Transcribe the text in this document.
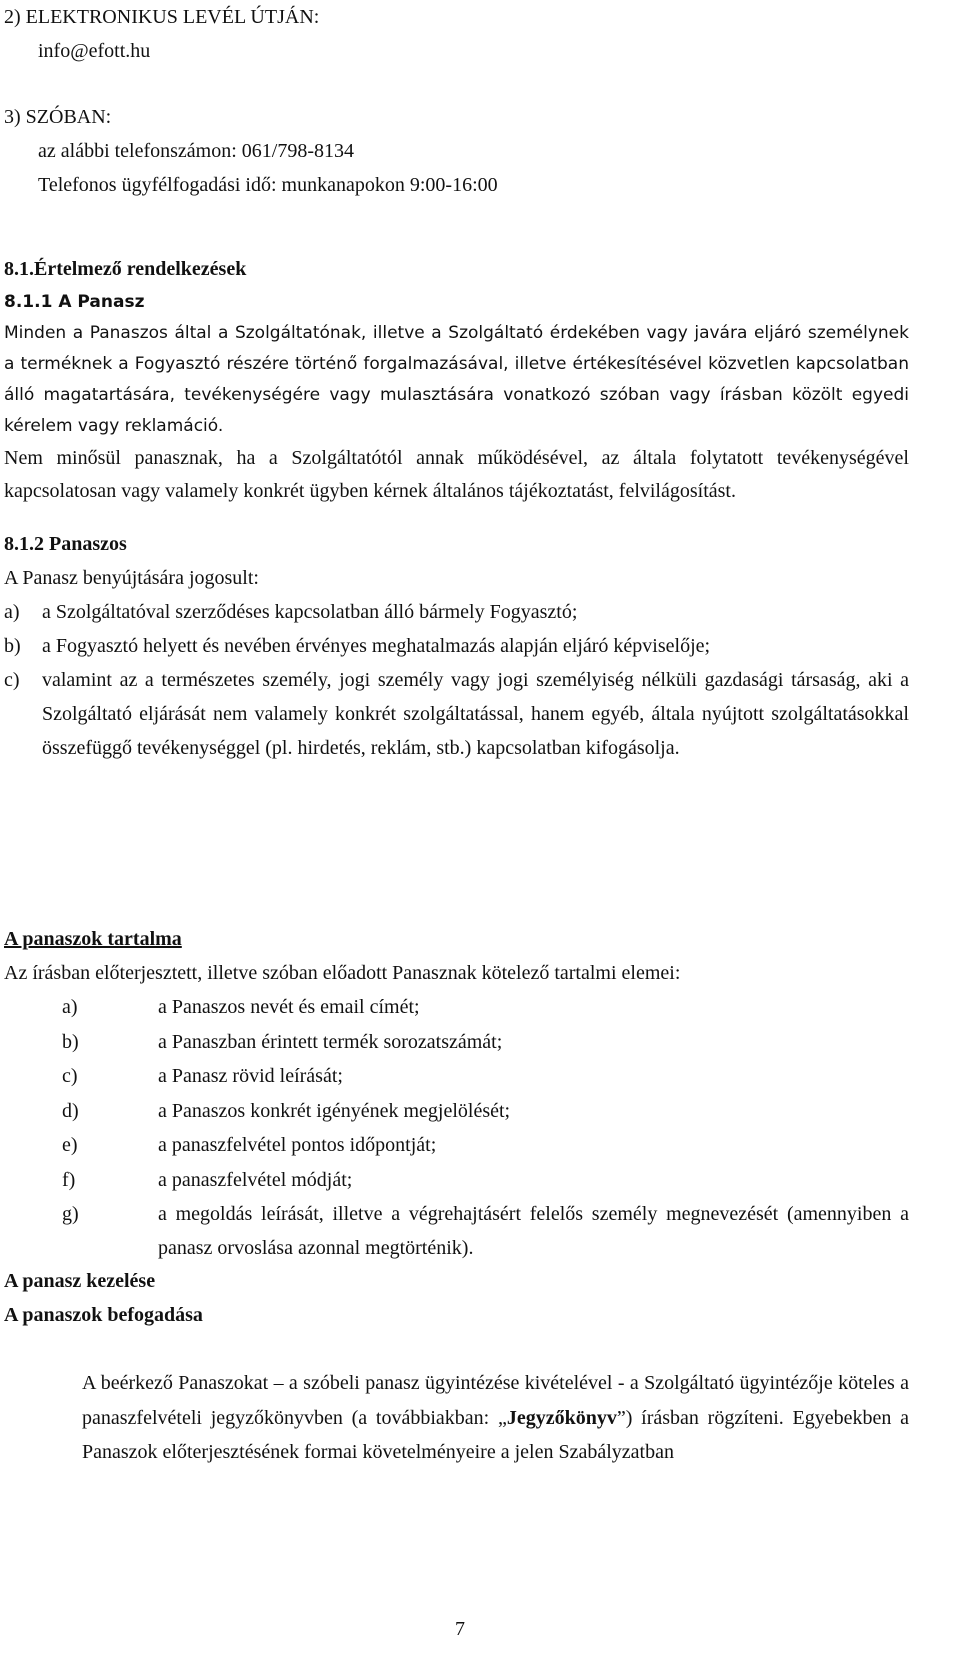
2) ELEKTRONIKUS LEVÉL ÚTJÁN:

info@efott.hu

3) SZÓBAN:

az alábbi telefonszámon: 061/798-8134

Telefonos ügyfélfogadási idő: munkanapokon 9:00-16:00

8.1.Értelmező rendelkezések

8.1.1 A Panasz

Minden a Panaszos által a Szolgáltatónak, illetve a Szolgáltató érdekében vagy javára eljáró személynek a terméknek a Fogyasztó részére történő forgalmazásával, illetve értékesítésével közvetlen kapcsolatban álló magatartására, tevékenységére vagy mulasztására vonatkozó szóban vagy írásban közölt egyedi kérelem vagy reklamáció.

Nem minősül panasznak, ha a Szolgáltatótól annak működésével, az általa folytatott tevékenységével kapcsolatosan vagy valamely konkrét ügyben kérnek általános tájékoztatást, felvilágosítást.

8.1.2 Panaszos

A Panasz benyújtására jogosult:

a)	a Szolgáltatóval szerződéses kapcsolatban álló bármely Fogyasztó;
b)	a Fogyasztó helyett és nevében érvényes meghatalmazás alapján eljáró képviselője;
c)	valamint az a természetes személy, jogi személy vagy jogi személyiség nélküli gazdasági társaság, aki a Szolgáltató eljárását nem valamely konkrét szolgáltatással, hanem egyéb, általa nyújtott szolgáltatásokkal összefüggő tevékenységgel (pl. hirdetés, reklám, stb.) kapcsolatban kifogásolja.

A panaszok tartalma

Az írásban előterjesztett, illetve szóban előadott Panasznak kötelező tartalmi elemei:

a)	a Panaszos nevét és email címét;
b)	a Panaszban érintett termék sorozatszámát;
c)	a Panasz rövid leírását;
d)	a Panaszos konkrét igényének megjelölését;
e)	a panaszfelvétel pontos időpontját;
f)	a panaszfelvétel módját;
g)	a megoldás leírását, illetve a végrehajtásért felelős személy megnevezését (amennyiben a panasz orvoslása azonnal megtörténik).

A panasz kezelése

A panaszok befogadása

A beérkező Panaszokat – a szóbeli panasz ügyintézése kivételével - a Szolgáltató ügyintézője köteles a panaszfelvételi jegyzőkönyvben (a továbbiakban: „Jegyzőkönyv”) írásban rögzíteni. Egyebekben a Panaszok előterjesztésének formai követelményeire a jelen Szabályzatban

7
